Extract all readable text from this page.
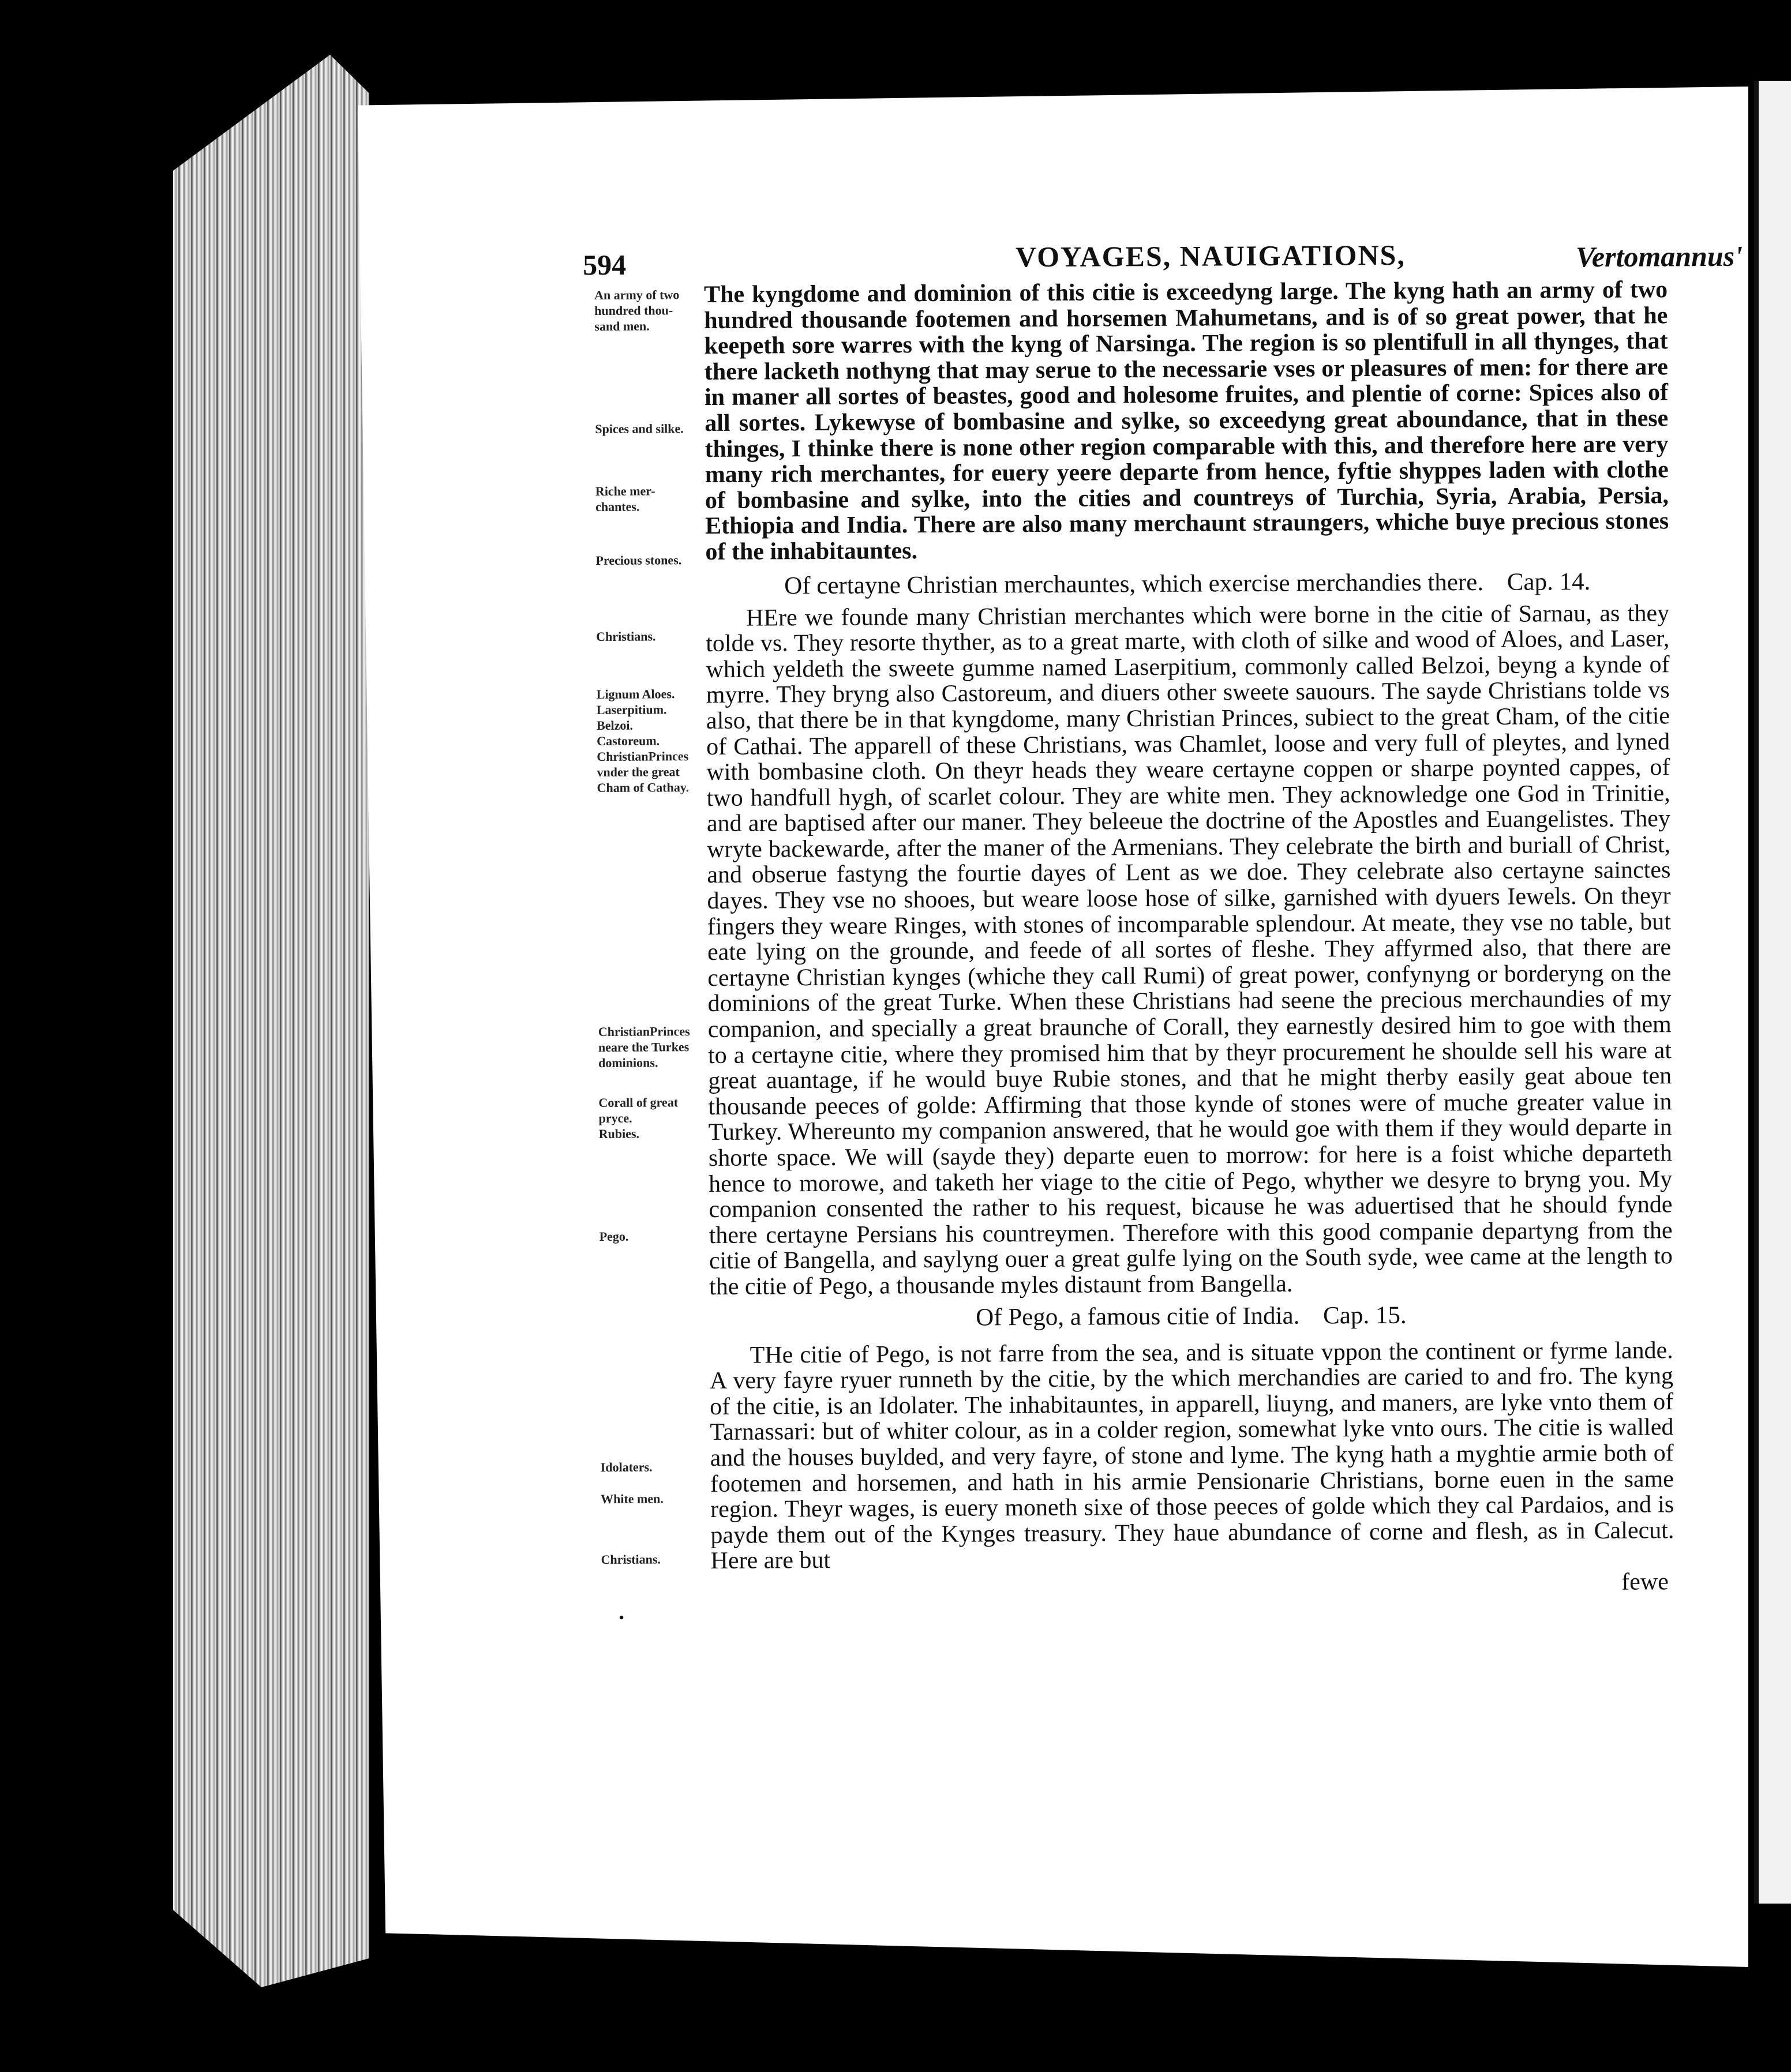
594	VOYAGES, NAUIGATIONS,	Vertomannus'
An army of two
hundred thou-
sand men.
Spices and silke.
Riche mer-
chantes.
Precious stones.
Christians.
Lignum Aloes.
Laserpitium.
Belzoi.
Castoreum.
ChristianPrinces
vnder the great
Cham of Cathay.
ChristianPrinces
neare the Turkes
dominions.
Corall of great
pryce.
Rubies.
Pego.
Idolaters.
White men.
Christians.

The kyngdome and dominion of this citie is exceedyng large. The kyng hath an army of two hundred thousande footemen and horsemen Mahumetans, and is of so great power, that he keepeth sore warres with the kyng of Narsinga. The region is so plentifull in all thynges, that there lacketh nothyng that may serue to the necessarie vses or pleasures of men: for there are in maner all sortes of beastes, good and holesome fruites, and plentie of corne: Spices also of all sortes. Lykewyse of bombasine and sylke, so exceedyng great aboundance, that in these thinges, I thinke there is none other region comparable with this, and therefore here are very many rich merchantes, for euery yeere departe from hence, fyftie shyppes laden with clothe of bombasine and sylke, into the cities and countreys of Turchia, Syria, Arabia, Persia, Ethiopia and India. There are also many merchaunt straungers, whiche buye precious stones of the inhabitauntes.

Of certayne Christian merchauntes, which exercise merchandies there. Cap. 14.

HEre we founde many Christian merchantes which were borne in the citie of Sarnau, as they tolde vs. They resorte thyther, as to a great marte, with cloth of silke and wood of Aloes, and Laser, which yeldeth the sweete gumme named Laserpitium, commonly called Belzoi, beyng a kynde of myrre. They bryng also Castoreum, and diuers other sweete sauours. The sayde Christians tolde vs also, that there be in that kyngdome, many Christian Princes, subiect to the great Cham, of the citie of Cathai. The apparell of these Christians, was Chamlet, loose and very full of pleytes, and lyned with bombasine cloth. On theyr heads they weare certayne coppen or sharpe poynted cappes, of two handfull hygh, of scarlet colour. They are white men. They acknowledge one God in Trinitie, and are baptised after our maner. They beleeue the doctrine of the Apostles and Euangelistes. They wryte backewarde, after the maner of the Armenians. They celebrate the birth and buriall of Christ, and obserue fastyng the fourtie dayes of Lent as we doe. They celebrate also certayne sainctes dayes. They vse no shooes, but weare loose hose of silke, garnished with dyuers Iewels. On theyr fingers they weare Ringes, with stones of incomparable splendour. At meate, they vse no table, but eate lying on the grounde, and feede of all sortes of fleshe. They affyrmed also, that there are certayne Christian kynges (whiche they call Rumi) of great power, confynyng or borderyng on the dominions of the great Turke. When these Christians had seene the precious merchaundies of my companion, and specially a great braunche of Corall, they earnestly desired him to goe with them to a certayne citie, where they promised him that by theyr procurement he shoulde sell his ware at great auantage, if he would buye Rubie stones, and that he might therby easily geat aboue ten thousande peeces of golde: Affirming that those kynde of stones were of muche greater value in Turkey. Whereunto my companion answered, that he would goe with them if they would departe in shorte space. We will (sayde they) departe euen to morrow: for here is a foist whiche departeth hence to morowe, and taketh her viage to the citie of Pego, whyther we desyre to bryng you. My companion consented the rather to his request, bicause he was aduertised that he should fynde there certayne Persians his countreymen. Therefore with this good companie departyng from the citie of Bangella, and saylyng ouer a great gulfe lying on the South syde, wee came at the length to the citie of Pego, a thousande myles distaunt from Bangella.

Of Pego, a famous citie of India. Cap. 15.

THe citie of Pego, is not farre from the sea, and is situate vppon the continent or fyrme lande. A very fayre ryuer runneth by the citie, by the which merchandies are caried to and fro. The kyng of the citie, is an Idolater. The inhabitauntes, in apparell, liuyng, and maners, are lyke vnto them of Tarnassari: but of whiter colour, as in a colder region, somewhat lyke vnto ours. The citie is walled and the houses buylded, and very fayre, of stone and lyme. The kyng hath a myghtie armie both of footemen and horsemen, and hath in his armie Pensionarie Christians, borne euen in the same region. Theyr wages, is euery moneth sixe of those peeces of golde which they cal Pardaios, and is payde them out of the Kynges treasury. They haue abundance of corne and flesh, as in Calecut. Here are but

fewe

.
